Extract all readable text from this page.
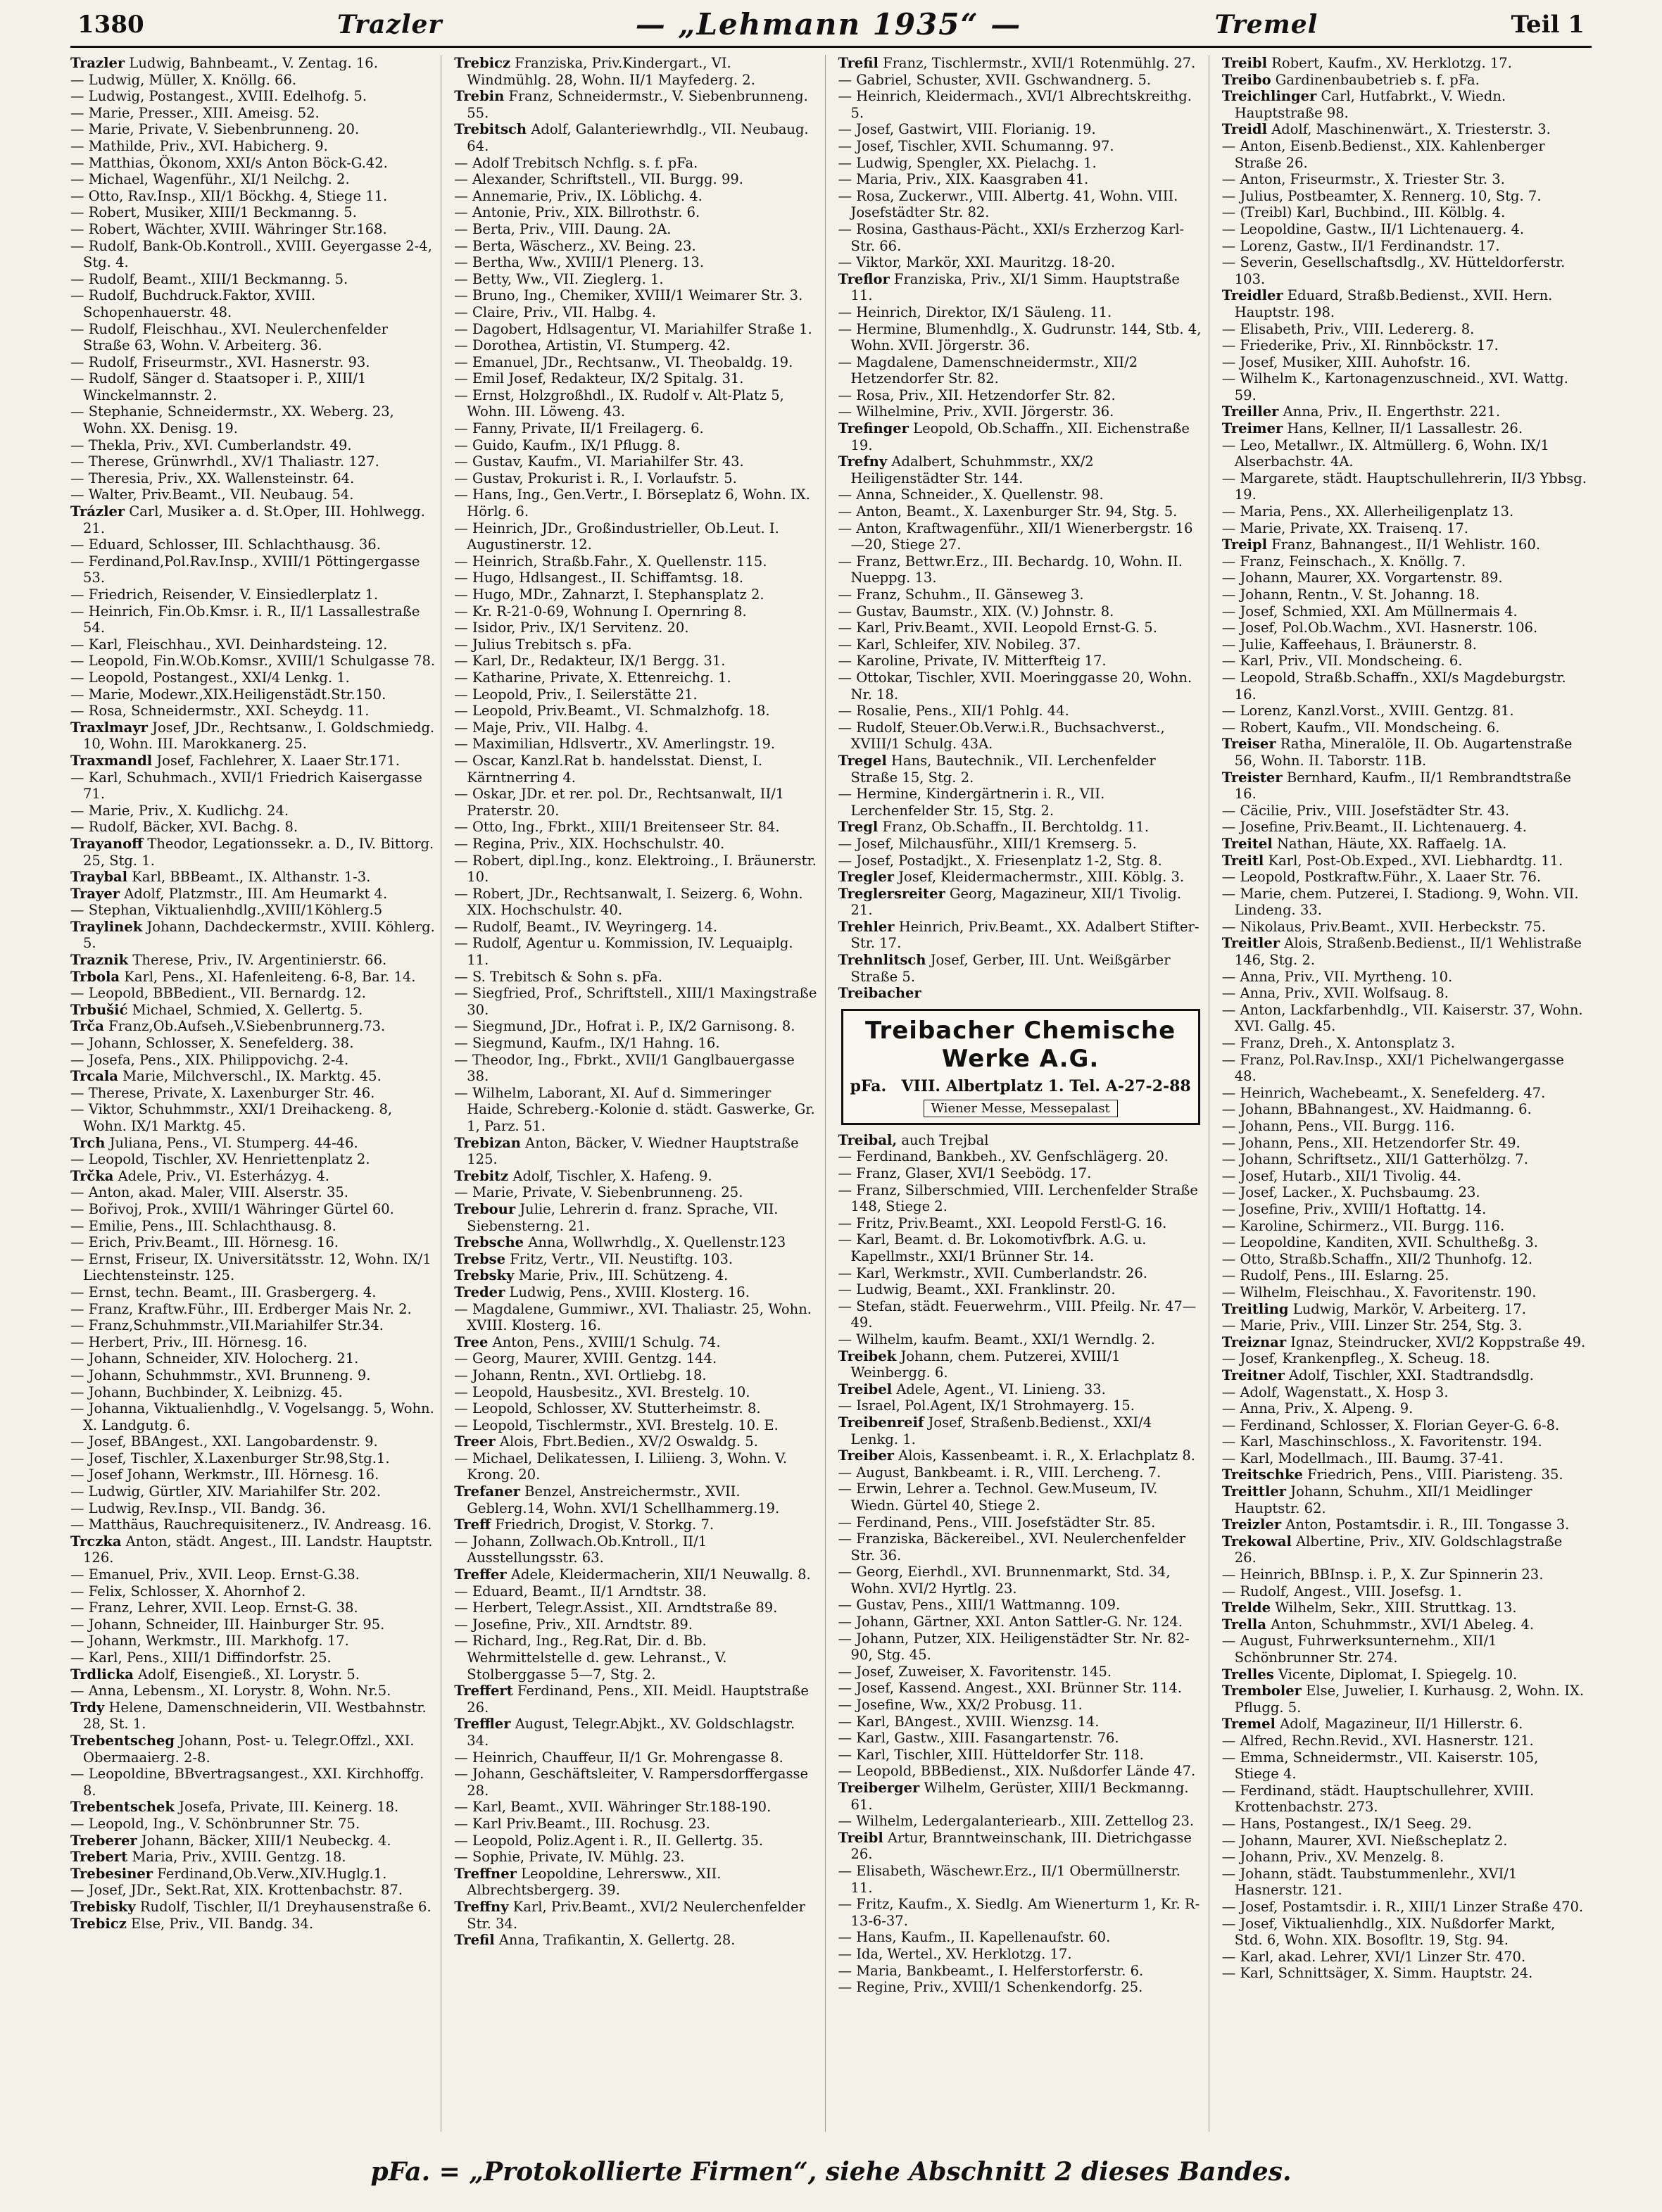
1380	Trazler	— „Lehmann 1935“ —	Tremel	Teil 1

Trazler Ludwig, Bahnbeamt., V. Zentag. 16.

— Ludwig, Müller, X. Knöllg. 66.

— Ludwig, Postangest., XVIII. Edelhofg. 5.

— Marie, Presser., XIII. Ameisg. 52.

— Marie, Private, V. Siebenbrunneng. 20.

— Mathilde, Priv., XVI. Habicherg. 9.

— Matthias, Ökonom, XXI/s Anton Böck-G.42.

— Michael, Wagenführ., XI/1 Neilchg. 2.

— Otto, Rav.Insp., XII/1 Böckhg. 4, Stiege 11.

— Robert, Musiker, XIII/1 Beckmanng. 5.

— Robert, Wächter, XVIII. Währinger Str.168.

— Rudolf, Bank-Ob.Kontroll., XVIII. Geyergasse 2-4, Stg. 4.

— Rudolf, Beamt., XIII/1 Beckmanng. 5.

— Rudolf, Buchdruck.Faktor, XVIII. Schopenhauerstr. 48.

— Rudolf, Fleischhau., XVI. Neulerchenfelder Straße 63, Wohn. V. Arbeiterg. 36.

— Rudolf, Friseurmstr., XVI. Hasnerstr. 93.

— Rudolf, Sänger d. Staatsoper i. P., XIII/1 Winckelmannstr. 2.

— Stephanie, Schneidermstr., XX. Weberg. 23, Wohn. XX. Denisg. 19.

— Thekla, Priv., XVI. Cumberlandstr. 49.

— Therese, Grünwrhdl., XV/1 Thaliastr. 127.

— Theresia, Priv., XX. Wallensteinstr. 64.

— Walter, Priv.Beamt., VII. Neubaug. 54.

Trázler Carl, Musiker a. d. St.Oper, III. Hohlwegg. 21.

— Eduard, Schlosser, III. Schlachthausg. 36.

— Ferdinand,Pol.Rav.Insp., XVIII/1 Pöttingergasse 53.

— Friedrich, Reisender, V. Einsiedlerplatz 1.

— Heinrich, Fin.Ob.Kmsr. i. R., II/1 Lassallestraße 54.

— Karl, Fleischhau., XVI. Deinhardsteing. 12.

— Leopold, Fin.W.Ob.Komsr., XVIII/1 Schulgasse 78.

— Leopold, Postangest., XXI/4 Lenkg. 1.

— Marie, Modewr.,XIX.Heiligenstädt.Str.150.

— Rosa, Schneidermstr., XXI. Scheydg. 11.

Traxlmayr Josef, JDr., Rechtsanw., I. Goldschmiedg. 10, Wohn. III. Marokkanerg. 25.

Traxmandl Josef, Fachlehrer, X. Laaer Str.171.

— Karl, Schuhmach., XVII/1 Friedrich Kaisergasse 71.

— Marie, Priv., X. Kudlichg. 24.

— Rudolf, Bäcker, XVI. Bachg. 8.

Trayanoff Theodor, Legationssekr. a. D., IV. Bittorg. 25, Stg. 1.

Traybal Karl, BBBeamt., IX. Althanstr. 1-3.

Trayer Adolf, Platzmstr., III. Am Heumarkt 4.

— Stephan, Viktualienhdlg.,XVIII/1Köhlerg.5

Traylinek Johann, Dachdeckermstr., XVIII. Köhlerg. 5.

Traznik Therese, Priv., IV. Argentinierstr. 66.

Trbola Karl, Pens., XI. Hafenleiteng. 6-8, Bar. 14.

— Leopold, BBBedient., VII. Bernardg. 12.

Trbušić Michael, Schmied, X. Gellertg. 5.

Trča Franz,Ob.Aufseh.,V.Siebenbrunnerg.73.

— Johann, Schlosser, X. Senefelderg. 38.

— Josefa, Pens., XIX. Philippovichg. 2-4.

Trcala Marie, Milchverschl., IX. Marktg. 45.

— Therese, Private, X. Laxenburger Str. 46.

— Viktor, Schuhmmstr., XXI/1 Dreihackeng. 8, Wohn. IX/1 Marktg. 45.

Trch Juliana, Pens., VI. Stumperg. 44-46.

— Leopold, Tischler, XV. Henriettenplatz 2.

Trčka Adele, Priv., VI. Esterházyg. 4.

— Anton, akad. Maler, VIII. Alserstr. 35.

— Bořivoj, Prok., XVIII/1 Währinger Gürtel 60.

— Emilie, Pens., III. Schlachthausg. 8.

— Erich, Priv.Beamt., III. Hörnesg. 16.

— Ernst, Friseur, IX. Universitätsstr. 12, Wohn. IX/1 Liechtensteinstr. 125.

— Ernst, techn. Beamt., III. Grasbergerg. 4.

— Franz, Kraftw.Führ., III. Erdberger Mais Nr. 2.

— Franz,Schuhmmstr.,VII.Mariahilfer Str.34.

— Herbert, Priv., III. Hörnesg. 16.

— Johann, Schneider, XIV. Holocherg. 21.

— Johann, Schuhmmstr., XVI. Brunneng. 9.

— Johann, Buchbinder, X. Leibnizg. 45.

— Johanna, Viktualienhdlg., V. Vogelsangg. 5, Wohn. X. Landgutg. 6.

— Josef, BBAngest., XXI. Langobardenstr. 9.

— Josef, Tischler, X.Laxenburger Str.98,Stg.1.

— Josef Johann, Werkmstr., III. Hörnesg. 16.

— Ludwig, Gürtler, XIV. Mariahilfer Str. 202.

— Ludwig, Rev.Insp., VII. Bandg. 36.

— Matthäus, Rauchrequisitenerz., IV. Andreasg. 16.

Trczka Anton, städt. Angest., III. Landstr. Hauptstr. 126.

— Emanuel, Priv., XVII. Leop. Ernst-G.38.

— Felix, Schlosser, X. Ahornhof 2.

— Franz, Lehrer, XVII. Leop. Ernst-G. 38.

— Johann, Schneider, III. Hainburger Str. 95.

— Johann, Werkmstr., III. Markhofg. 17.

— Karl, Pens., XIII/1 Diffindorfstr. 25.

Trdlicka Adolf, Eisengieß., XI. Lorystr. 5.

— Anna, Lebensm., XI. Lorystr. 8, Wohn. Nr.5.

Trdy Helene, Damenschneiderin, VII. Westbahnstr. 28, St. 1.

Trebentscheg Johann, Post- u. Telegr.Offzl., XXI. Obermaaierg. 2-8.

— Leopoldine, BBvertragsangest., XXI. Kirchhoffg. 8.

Trebentschek Josefa, Private, III. Keinerg. 18.

— Leopold, Ing., V. Schönbrunner Str. 75.

Treberer Johann, Bäcker, XIII/1 Neubeckg. 4.

Trebert Maria, Priv., XVIII. Gentzg. 18.

Trebesiner Ferdinand,Ob.Verw.,XIV.Huglg.1.

— Josef, JDr., Sekt.Rat, XIX. Krottenbachstr. 87.

Trebisky Rudolf, Tischler, II/1 Dreyhausenstraße 6.

Trebicz Else, Priv., VII. Bandg. 34.

Trebicz Franziska, Priv.Kindergart., VI. Windmühlg. 28, Wohn. II/1 Mayfederg. 2.

Trebin Franz, Schneidermstr., V. Siebenbrunneng. 55.

Trebitsch Adolf, Galanteriewrhdlg., VII. Neubaug. 64.

— Adolf Trebitsch Nchflg. s. f. pFa.

— Alexander, Schriftstell., VII. Burgg. 99.

— Annemarie, Priv., IX. Löblichg. 4.

— Antonie, Priv., XIX. Billrothstr. 6.

— Berta, Priv., VIII. Daung. 2A.

— Berta, Wäscherz., XV. Being. 23.

— Bertha, Ww., XVIII/1 Plenerg. 13.

— Betty, Ww., VII. Zieglerg. 1.

— Bruno, Ing., Chemiker, XVIII/1 Weimarer Str. 3.

— Claire, Priv., VII. Halbg. 4.

— Dagobert, Hdlsagentur, VI. Mariahilfer Straße 1.

— Dorothea, Artistin, VI. Stumperg. 42.

— Emanuel, JDr., Rechtsanw., VI. Theobaldg. 19.

— Emil Josef, Redakteur, IX/2 Spitalg. 31.

— Ernst, Holzgroßhdl., IX. Rudolf v. Alt-Platz 5, Wohn. III. Löweng. 43.

— Fanny, Private, II/1 Freilagerg. 6.

— Guido, Kaufm., IX/1 Pflugg. 8.

— Gustav, Kaufm., VI. Mariahilfer Str. 43.

— Gustav, Prokurist i. R., I. Vorlaufstr. 5.

— Hans, Ing., Gen.Vertr., I. Börseplatz 6, Wohn. IX. Hörlg. 6.

— Heinrich, JDr., Großindustrieller, Ob.Leut. I. Augustinerstr. 12.

— Heinrich, Straßb.Fahr., X. Quellenstr. 115.

— Hugo, Hdlsangest., II. Schiffamtsg. 18.

— Hugo, MDr., Zahnarzt, I. Stephansplatz 2.

— Kr. R-21-0-69, Wohnung I. Opernring 8.

— Isidor, Priv., IX/1 Servitenz. 20.

— Julius Trebitsch s. pFa.

— Karl, Dr., Redakteur, IX/1 Bergg. 31.

— Katharine, Private, X. Ettenreichg. 1.

— Leopold, Priv., I. Seilerstätte 21.

— Leopold, Priv.Beamt., VI. Schmalzhofg. 18.

— Maje, Priv., VII. Halbg. 4.

— Maximilian, Hdlsvertr., XV. Amerlingstr. 19.

— Oscar, Kanzl.Rat b. handelsstat. Dienst, I. Kärntnerring 4.

— Oskar, JDr. et rer. pol. Dr., Rechtsanwalt, II/1 Praterstr. 20.

— Otto, Ing., Fbrkt., XIII/1 Breitenseer Str. 84.

— Regina, Priv., XIX. Hochschulstr. 40.

— Robert, dipl.Ing., konz. Elektroing., I. Bräunerstr. 10.

— Robert, JDr., Rechtsanwalt, I. Seizerg. 6, Wohn. XIX. Hochschulstr. 40.

— Rudolf, Beamt., IV. Weyringerg. 14.

— Rudolf, Agentur u. Kommission, IV. Lequaiplg. 11.

— S. Trebitsch & Sohn s. pFa.

— Siegfried, Prof., Schriftstell., XIII/1 Maxingstraße 30.

— Siegmund, JDr., Hofrat i. P., IX/2 Garnisong. 8.

— Siegmund, Kaufm., IX/1 Hahng. 16.

— Theodor, Ing., Fbrkt., XVII/1 Ganglbauergasse 38.

— Wilhelm, Laborant, XI. Auf d. Simmeringer Haide, Schreberg.-Kolonie d. städt. Gaswerke, Gr. 1, Parz. 51.

Trebizan Anton, Bäcker, V. Wiedner Hauptstraße 125.

Trebitz Adolf, Tischler, X. Hafeng. 9.

— Marie, Private, V. Siebenbrunneng. 25.

Trebour Julie, Lehrerin d. franz. Sprache, VII. Siebensterng. 21.

Trebsche Anna, Wollwrhdlg., X. Quellenstr.123

Trebse Fritz, Vertr., VII. Neustiftg. 103.

Trebsky Marie, Priv., III. Schützeng. 4.

Treder Ludwig, Pens., XVIII. Klosterg. 16.

— Magdalene, Gummiwr., XVI. Thaliastr. 25, Wohn. XVIII. Klosterg. 16.

Tree Anton, Pens., XVIII/1 Schulg. 74.

— Georg, Maurer, XVIII. Gentzg. 144.

— Johann, Rentn., XVI. Ortliebg. 18.

— Leopold, Hausbesitz., XVI. Brestelg. 10.

— Leopold, Schlosser, XV. Stutterheimstr. 8.

— Leopold, Tischlermstr., XVI. Brestelg. 10. E.

Treer Alois, Fbrt.Bedien., XV/2 Oswaldg. 5.

— Michael, Delikatessen, I. Liliieng. 3, Wohn. V. Krong. 20.

Trefaner Benzel, Anstreichermstr., XVII. Geblerg.14, Wohn. XVI/1 Schellhammerg.19.

Treff Friedrich, Drogist, V. Storkg. 7.

— Johann, Zollwach.Ob.Kntroll., II/1 Ausstellungsstr. 63.

Treffer Adele, Kleidermacherin, XII/1 Neuwallg. 8.

— Eduard, Beamt., II/1 Arndtstr. 38.

— Herbert, Telegr.Assist., XII. Arndtstraße 89.

— Josefine, Priv., XII. Arndtstr. 89.

— Richard, Ing., Reg.Rat, Dir. d. Bb. Wehrmittelstelle d. gew. Lehranst., V. Stolberggasse 5—7, Stg. 2.

Treffert Ferdinand, Pens., XII. Meidl. Hauptstraße 26.

Treffler August, Telegr.Abjkt., XV. Goldschlagstr. 34.

— Heinrich, Chauffeur, II/1 Gr. Mohrengasse 8.

— Johann, Geschäftsleiter, V. Rampersdorffergasse 28.

— Karl, Beamt., XVII. Währinger Str.188-190.

— Karl Priv.Beamt., III. Rochusg. 23.

— Leopold, Poliz.Agent i. R., II. Gellertg. 35.

— Sophie, Private, IV. Mühlg. 23.

Treffner Leopoldine, Lehrersww., XII. Albrechtsbergerg. 39.

Treffny Karl, Priv.Beamt., XVI/2 Neulerchenfelder Str. 34.

Trefil Anna, Trafikantin, X. Gellertg. 28.

Trefil Franz, Tischlermstr., XVII/1 Rotenmühlg. 27.

— Gabriel, Schuster, XVII. Gschwandnerg. 5.

— Heinrich, Kleidermach., XVI/1 Albrechtskreithg. 5.

— Josef, Gastwirt, VIII. Florianig. 19.

— Josef, Tischler, XVII. Schumanng. 97.

— Ludwig, Spengler, XX. Pielachg. 1.

— Maria, Priv., XIX. Kaasgraben 41.

— Rosa, Zuckerwr., VIII. Albertg. 41, Wohn. VIII. Josefstädter Str. 82.

— Rosina, Gasthaus-Pächt., XXI/s Erzherzog Karl-Str. 66.

— Viktor, Markör, XXI. Mauritzg. 18-20.

Treflor Franziska, Priv., XI/1 Simm. Hauptstraße 11.

— Heinrich, Direktor, IX/1 Säuleng. 11.

— Hermine, Blumenhdlg., X. Gudrunstr. 144, Stb. 4, Wohn. XVII. Jörgerstr. 36.

— Magdalene, Damenschneidermstr., XII/2 Hetzendorfer Str. 82.

— Rosa, Priv., XII. Hetzendorfer Str. 82.

— Wilhelmine, Priv., XVII. Jörgerstr. 36.

Trefinger Leopold, Ob.Schaffn., XII. Eichenstraße 19.

Trefny Adalbert, Schuhmmstr., XX/2 Heiligenstädter Str. 144.

— Anna, Schneider., X. Quellenstr. 98.

— Anton, Beamt., X. Laxenburger Str. 94, Stg. 5.

— Anton, Kraftwagenführ., XII/1 Wienerbergstr. 16—20, Stiege 27.

— Franz, Bettwr.Erz., III. Bechardg. 10, Wohn. II. Nueppg. 13.

— Franz, Schuhm., II. Gänseweg 3.

— Gustav, Baumstr., XIX. (V.) Johnstr. 8.

— Karl, Priv.Beamt., XVII. Leopold Ernst-G. 5.

— Karl, Schleifer, XIV. Nobileg. 37.

— Karoline, Private, IV. Mitterfteig 17.

— Ottokar, Tischler, XVII. Moeringgasse 20, Wohn. Nr. 18.

— Rosalie, Pens., XII/1 Pohlg. 44.

— Rudolf, Steuer.Ob.Verw.i.R., Buchsachverst., XVIII/1 Schulg. 43A.

Tregel Hans, Bautechnik., VII. Lerchenfelder Straße 15, Stg. 2.

— Hermine, Kindergärtnerin i. R., VII. Lerchenfelder Str. 15, Stg. 2.

Tregl Franz, Ob.Schaffn., II. Berchtoldg. 11.

— Josef, Milchausführ., XIII/1 Kremserg. 5.

— Josef, Postadjkt., X. Friesenplatz 1-2, Stg. 8.

Tregler Josef, Kleidermachermstr., XIII. Köblg. 3.

Treglersreiter Georg, Magazineur, XII/1 Tivolig. 21.

Trehler Heinrich, Priv.Beamt., XX. Adalbert Stifter-Str. 17.

Trehnlitsch Josef, Gerber, III. Unt. Weißgärber Straße 5.

Treibacher

Treibacher Chemische Werke A.G.
pFa. VIII. Albertplatz 1. Tel. A-27-2-88
Wiener Messe, Messepalast

Treibal, auch Trejbal

— Ferdinand, Bankbeh., XV. Genfschlägerg. 20.

— Franz, Glaser, XVI/1 Seebödg. 17.

— Franz, Silberschmied, VIII. Lerchenfelder Straße 148, Stiege 2.

— Fritz, Priv.Beamt., XXI. Leopold Ferstl-G. 16.

— Karl, Beamt. d. Br. Lokomotivfbrk. A.G. u. Kapellmstr., XXI/1 Brünner Str. 14.

— Karl, Werkmstr., XVII. Cumberlandstr. 26.

— Ludwig, Beamt., XXI. Franklinstr. 20.

— Stefan, städt. Feuerwehrm., VIII. Pfeilg. Nr. 47—49.

— Wilhelm, kaufm. Beamt., XXI/1 Werndlg. 2.

Treibek Johann, chem. Putzerei, XVIII/1 Weinbergg. 6.

Treibel Adele, Agent., VI. Linieng. 33.

— Israel, Pol.Agent, IX/1 Strohmayerg. 15.

Treibenreif Josef, Straßenb.Bedienst., XXI/4 Lenkg. 1.

Treiber Alois, Kassenbeamt. i. R., X. Erlachplatz 8.

— August, Bankbeamt. i. R., VIII. Lercheng. 7.

— Erwin, Lehrer a. Technol. Gew.Museum, IV. Wiedn. Gürtel 40, Stiege 2.

— Ferdinand, Pens., VIII. Josefstädter Str. 85.

— Franziska, Bäckereibel., XVI. Neulerchenfelder Str. 36.

— Georg, Eierhdl., XVI. Brunnenmarkt, Std. 34, Wohn. XVI/2 Hyrtlg. 23.

— Gustav, Pens., XIII/1 Wattmanng. 109.

— Johann, Gärtner, XXI. Anton Sattler-G. Nr. 124.

— Johann, Putzer, XIX. Heiligenstädter Str. Nr. 82-90, Stg. 45.

— Josef, Zuweiser, X. Favoritenstr. 145.

— Josef, Kassend. Angest., XXI. Brünner Str. 114.

— Josefine, Ww., XX/2 Probusg. 11.

— Karl, BAngest., XVIII. Wienzsg. 14.

— Karl, Gastw., XIII. Fasangartenstr. 76.

— Karl, Tischler, XIII. Hütteldorfer Str. 118.

— Leopold, BBBedienst., XIX. Nußdorfer Lände 47.

Treiberger Wilhelm, Gerüster, XIII/1 Beckmanng. 61.

— Wilhelm, Ledergalanteriearb., XIII. Zettellog 23.

Treibl Artur, Branntweinschank, III. Dietrichgasse 26.

— Elisabeth, Wäschewr.Erz., II/1 Obermüllnerstr. 11.

— Fritz, Kaufm., X. Siedlg. Am Wienerturm 1, Kr. R-13-6-37.

— Hans, Kaufm., II. Kapellenaufstr. 60.

— Ida, Wertel., XV. Herklotzg. 17.

— Maria, Bankbeamt., I. Helferstorferstr. 6.

— Regine, Priv., XVIII/1 Schenkendorfg. 25.

Treibl Robert, Kaufm., XV. Herklotzg. 17.

Treibo Gardinenbaubetrieb s. f. pFa.

Treichlinger Carl, Hutfabrkt., V. Wiedn. Hauptstraße 98.

Treidl Adolf, Maschinenwärt., X. Triesterstr. 3.

— Anton, Eisenb.Bedienst., XIX. Kahlenberger Straße 26.

— Anton, Friseurmstr., X. Triester Str. 3.

— Julius, Postbeamter, X. Rennerg. 10, Stg. 7.

— (Treibl) Karl, Buchbind., III. Kölblg. 4.

— Leopoldine, Gastw., II/1 Lichtenauerg. 4.

— Lorenz, Gastw., II/1 Ferdinandstr. 17.

— Severin, Gesellschaftsdlg., XV. Hütteldorferstr. 103.

Treidler Eduard, Straßb.Bedienst., XVII. Hern. Hauptstr. 198.

— Elisabeth, Priv., VIII. Ledererg. 8.

— Friederike, Priv., XI. Rinnböckstr. 17.

— Josef, Musiker, XIII. Auhofstr. 16.

— Wilhelm K., Kartonagenzuschneid., XVI. Wattg. 59.

Treiller Anna, Priv., II. Engerthstr. 221.

Treimer Hans, Kellner, II/1 Lassallestr. 26.

— Leo, Metallwr., IX. Altmüllerg. 6, Wohn. IX/1 Alserbachstr. 4A.

— Margarete, städt. Hauptschullehrerin, II/3 Ybbsg. 19.

— Maria, Pens., XX. Allerheiligenplatz 13.

— Marie, Private, XX. Traisenq. 17.

Treipl Franz, Bahnangest., II/1 Wehlistr. 160.

— Franz, Feinschach., X. Knöllg. 7.

— Johann, Maurer, XX. Vorgartenstr. 89.

— Johann, Rentn., V. St. Johanng. 18.

— Josef, Schmied, XXI. Am Müllnermais 4.

— Josef, Pol.Ob.Wachm., XVI. Hasnerstr. 106.

— Julie, Kaffeehaus, I. Bräunerstr. 8.

— Karl, Priv., VII. Mondscheing. 6.

— Leopold, Straßb.Schaffn., XXI/s Magdeburgstr. 16.

— Lorenz, Kanzl.Vorst., XVIII. Gentzg. 81.

— Robert, Kaufm., VII. Mondscheing. 6.

Treiser Ratha, Mineralöle, II. Ob. Augartenstraße 56, Wohn. II. Taborstr. 11B.

Treister Bernhard, Kaufm., II/1 Rembrandtstraße 16.

— Cäcilie, Priv., VIII. Josefstädter Str. 43.

— Josefine, Priv.Beamt., II. Lichtenauerg. 4.

Treitel Nathan, Häute, XX. Raffaelg. 1A.

Treitl Karl, Post-Ob.Exped., XVI. Liebhardtg. 11.

— Leopold, Postkraftw.Führ., X. Laaer Str. 76.

— Marie, chem. Putzerei, I. Stadiong. 9, Wohn. VII. Lindeng. 33.

— Nikolaus, Priv.Beamt., XVII. Herbeckstr. 75.

Treitler Alois, Straßenb.Bedienst., II/1 Wehlistraße 146, Stg. 2.

— Anna, Priv., VII. Myrtheng. 10.

— Anna, Priv., XVII. Wolfsaug. 8.

— Anton, Lackfarbenhdlg., VII. Kaiserstr. 37, Wohn. XVI. Gallg. 45.

— Franz, Dreh., X. Antonsplatz 3.

— Franz, Pol.Rav.Insp., XXI/1 Pichelwangergasse 48.

— Heinrich, Wachebeamt., X. Senefelderg. 47.

— Johann, BBahnangest., XV. Haidmanng. 6.

— Johann, Pens., VII. Burgg. 116.

— Johann, Pens., XII. Hetzendorfer Str. 49.

— Johann, Schriftsetz., XII/1 Gatterhölzg. 7.

— Josef, Hutarb., XII/1 Tivolig. 44.

— Josef, Lacker., X. Puchsbaumg. 23.

— Josefine, Priv., XVIII/1 Hoftattg. 14.

— Karoline, Schirmerz., VII. Burgg. 116.

— Leopoldine, Kanditen, XVII. Schultheßg. 3.

— Otto, Straßb.Schaffn., XII/2 Thunhofg. 12.

— Rudolf, Pens., III. Eslarng. 25.

— Wilhelm, Fleischhau., X. Favoritenstr. 190.

Treitling Ludwig, Markör, V. Arbeiterg. 17.

— Marie, Priv., VIII. Linzer Str. 254, Stg. 3.

Treiznar Ignaz, Steindrucker, XVI/2 Koppstraße 49.

— Josef, Krankenpfleg., X. Scheug. 18.

Treitner Adolf, Tischler, XXI. Stadtrandsdlg.

— Adolf, Wagenstatt., X. Hosp 3.

— Anna, Priv., X. Alpeng. 9.

— Ferdinand, Schlosser, X. Florian Geyer-G. 6-8.

— Karl, Maschinschloss., X. Favoritenstr. 194.

— Karl, Modellmach., III. Baumg. 37-41.

Treitschke Friedrich, Pens., VIII. Piaristeng. 35.

Treittler Johann, Schuhm., XII/1 Meidlinger Hauptstr. 62.

Treizler Anton, Postamtsdir. i. R., III. Tongasse 3.

Trekowal Albertine, Priv., XIV. Goldschlagstraße 26.

— Heinrich, BBInsp. i. P., X. Zur Spinnerin 23.

— Rudolf, Angest., VIII. Josefsg. 1.

Trelde Wilhelm, Sekr., XIII. Struttkag. 13.

Trella Anton, Schuhmmstr., XVI/1 Abeleg. 4.

— August, Fuhrwerksunternehm., XII/1 Schönbrunner Str. 274.

Trelles Vicente, Diplomat, I. Spiegelg. 10.

Tremboler Else, Juwelier, I. Kurhausg. 2, Wohn. IX. Pflugg. 5.

Tremel Adolf, Magazineur, II/1 Hillerstr. 6.

— Alfred, Rechn.Revid., XVI. Hasnerstr. 121.

— Emma, Schneidermstr., VII. Kaiserstr. 105, Stiege 4.

— Ferdinand, städt. Hauptschullehrer, XVIII. Krottenbachstr. 273.

— Hans, Postangest., IX/1 Seeg. 29.

— Johann, Maurer, XVI. Nießscheplatz 2.

— Johann, Priv., XV. Menzelg. 8.

— Johann, städt. Taubstummenlehr., XVI/1 Hasnerstr. 121.

— Josef, Postamtsdir. i. R., XIII/1 Linzer Straße 470.

— Josef, Viktualienhdlg., XIX. Nußdorfer Markt, Std. 6, Wohn. XIX. Bosofltr. 19, Stg. 94.

— Karl, akad. Lehrer, XVI/1 Linzer Str. 470.

— Karl, Schnittsäger, X. Simm. Hauptstr. 24.

pFa. = „Protokollierte Firmen“, siehe Abschnitt 2 dieses Bandes.
